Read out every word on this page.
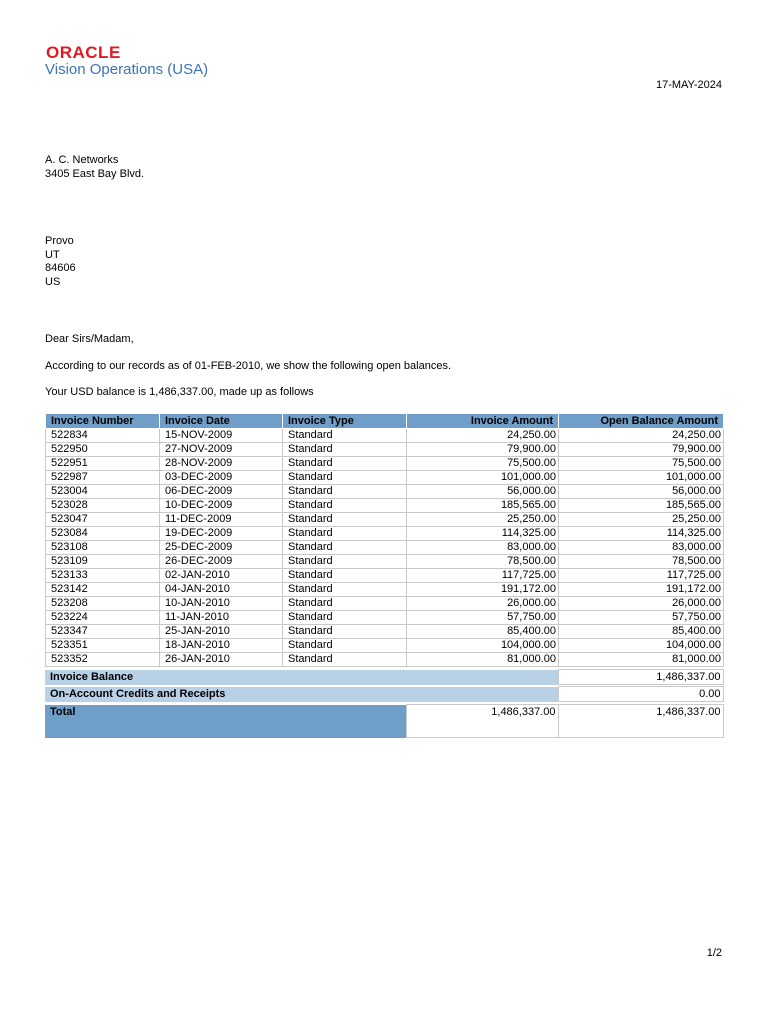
ORACLE
Vision Operations (USA)
17-MAY-2024
A. C. Networks
3405 East Bay Blvd.
Provo
UT
84606
US
Dear Sirs/Madam,
According to our records as of 01-FEB-2010, we show the following open balances.
Your USD balance is 1,486,337.00, made up as follows
Invoice Number	Invoice Date	Invoice Type	Invoice Amount	Open Balance Amount
522834	15-NOV-2009	Standard	24,250.00	24,250.00
522950	27-NOV-2009	Standard	79,900.00	79,900.00
522951	28-NOV-2009	Standard	75,500.00	75,500.00
522987	03-DEC-2009	Standard	101,000.00	101,000.00
523004	06-DEC-2009	Standard	56,000.00	56,000.00
523028	10-DEC-2009	Standard	185,565.00	185,565.00
523047	11-DEC-2009	Standard	25,250.00	25,250.00
523084	19-DEC-2009	Standard	114,325.00	114,325.00
523108	25-DEC-2009	Standard	83,000.00	83,000.00
523109	26-DEC-2009	Standard	78,500.00	78,500.00
523133	02-JAN-2010	Standard	117,725.00	117,725.00
523142	04-JAN-2010	Standard	191,172.00	191,172.00
523208	10-JAN-2010	Standard	26,000.00	26,000.00
523224	11-JAN-2010	Standard	57,750.00	57,750.00
523347	25-JAN-2010	Standard	85,400.00	85,400.00
523351	18-JAN-2010	Standard	104,000.00	104,000.00
523352	26-JAN-2010	Standard	81,000.00	81,000.00
Invoice Balance	1,486,337.00
On-Account Credits and Receipts	0.00
Total	1,486,337.00	1,486,337.00
1/2
